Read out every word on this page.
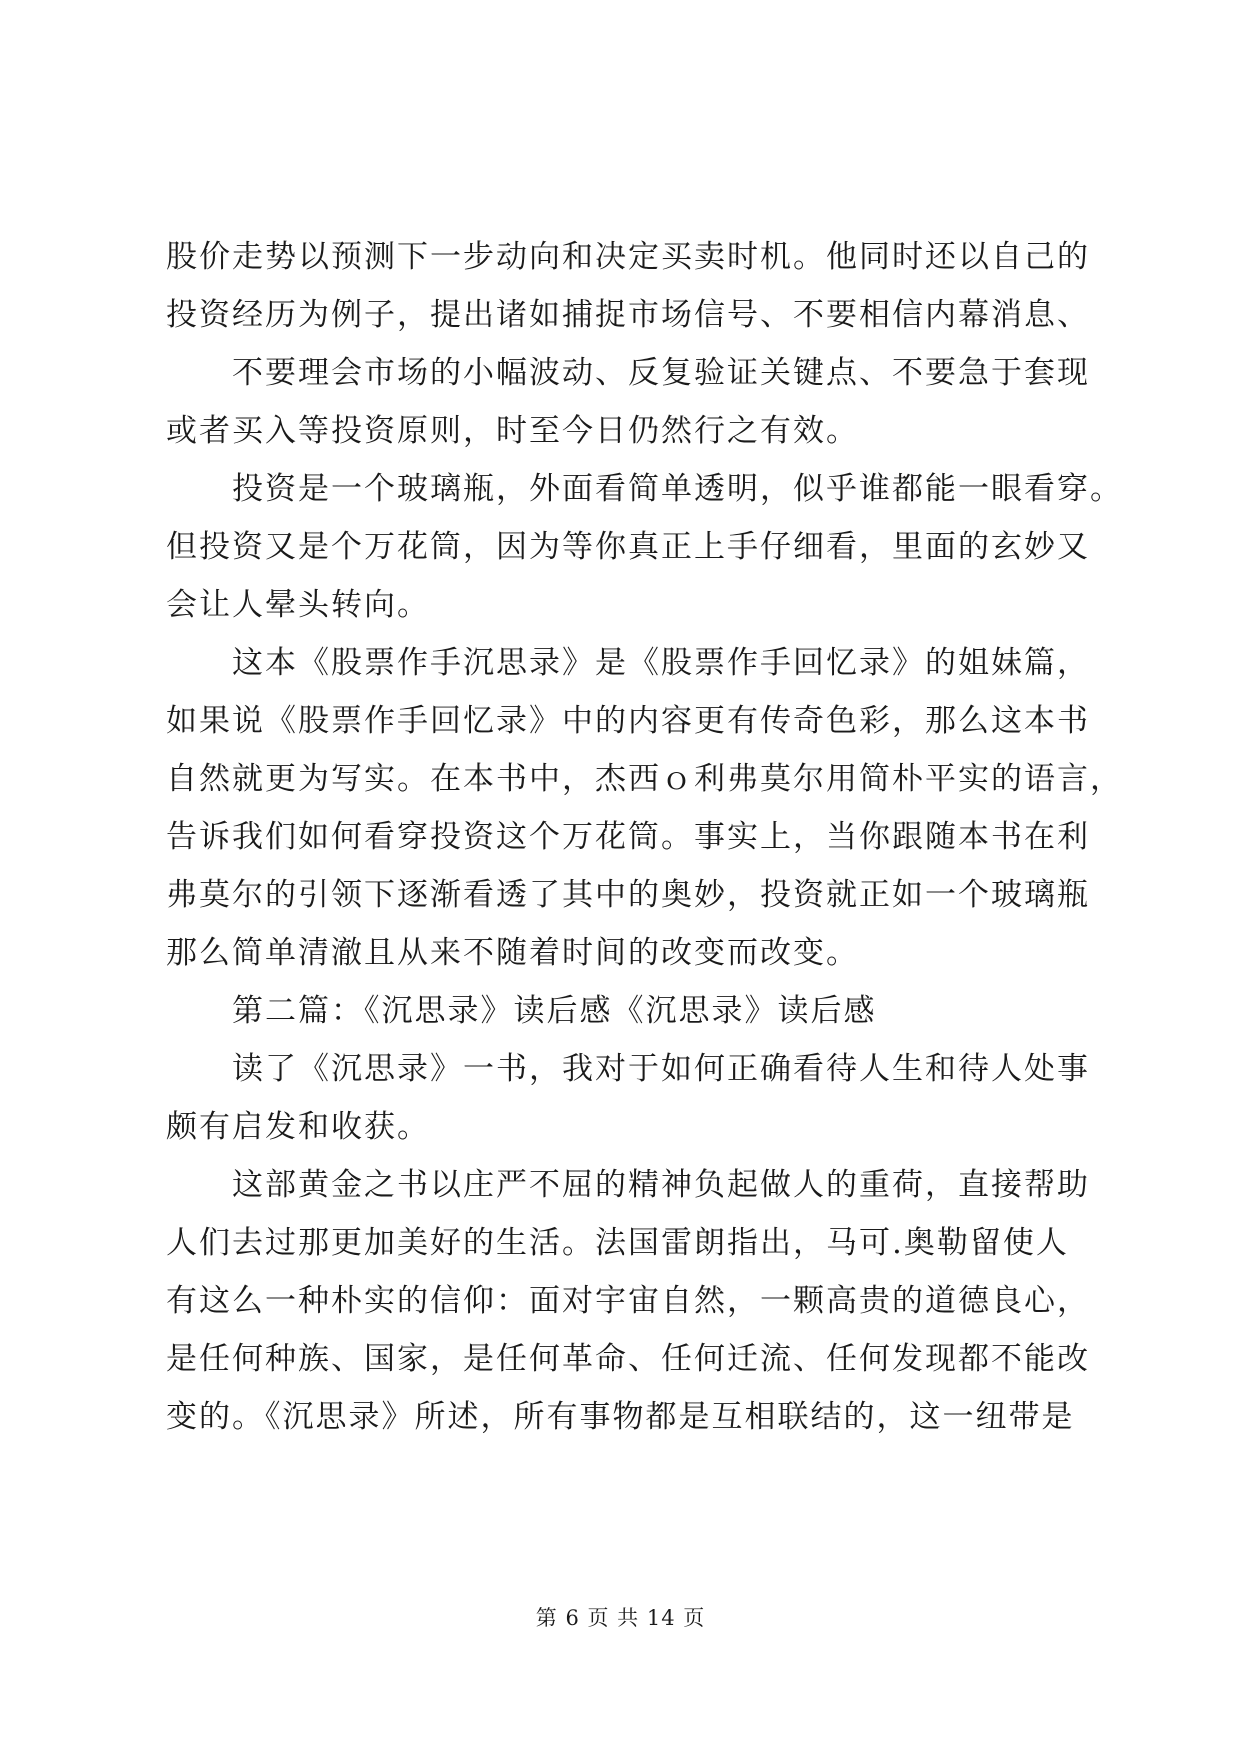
股价走势以预测下一步动向和决定买卖时机。他同时还以自己的
投资经历为例子，提出诸如捕捉市场信号、不要相信内幕消息、
不要理会市场的小幅波动、反复验证关键点、不要急于套现
或者买入等投资原则，时至今日仍然行之有效。
投资是一个玻璃瓶，外面看简单透明，似乎谁都能一眼看穿。
但投资又是个万花筒，因为等你真正上手仔细看，里面的玄妙又
会让人晕头转向。
这本《股票作手沉思录》是《股票作手回忆录》的姐妹篇，
如果说《股票作手回忆录》中的内容更有传奇色彩，那么这本书
自然就更为写实。在本书中，杰西ｏ利弗莫尔用简朴平实的语言，
告诉我们如何看穿投资这个万花筒。事实上，当你跟随本书在利
弗莫尔的引领下逐渐看透了其中的奥妙，投资就正如一个玻璃瓶
那么简单清澈且从来不随着时间的改变而改变。
第二篇：《沉思录》读后感《沉思录》读后感
读了《沉思录》一书，我对于如何正确看待人生和待人处事
颇有启发和收获。
这部黄金之书以庄严不屈的精神负起做人的重荷，直接帮助
人们去过那更加美好的生活。法国雷朗指出，马可.奥勒留使人
有这么一种朴实的信仰：面对宇宙自然，一颗高贵的道德良心，
是任何种族、国家，是任何革命、任何迁流、任何发现都不能改
变的。《沉思录》所述，所有事物都是互相联结的，这一纽带是
第 6 页 共 14 页
